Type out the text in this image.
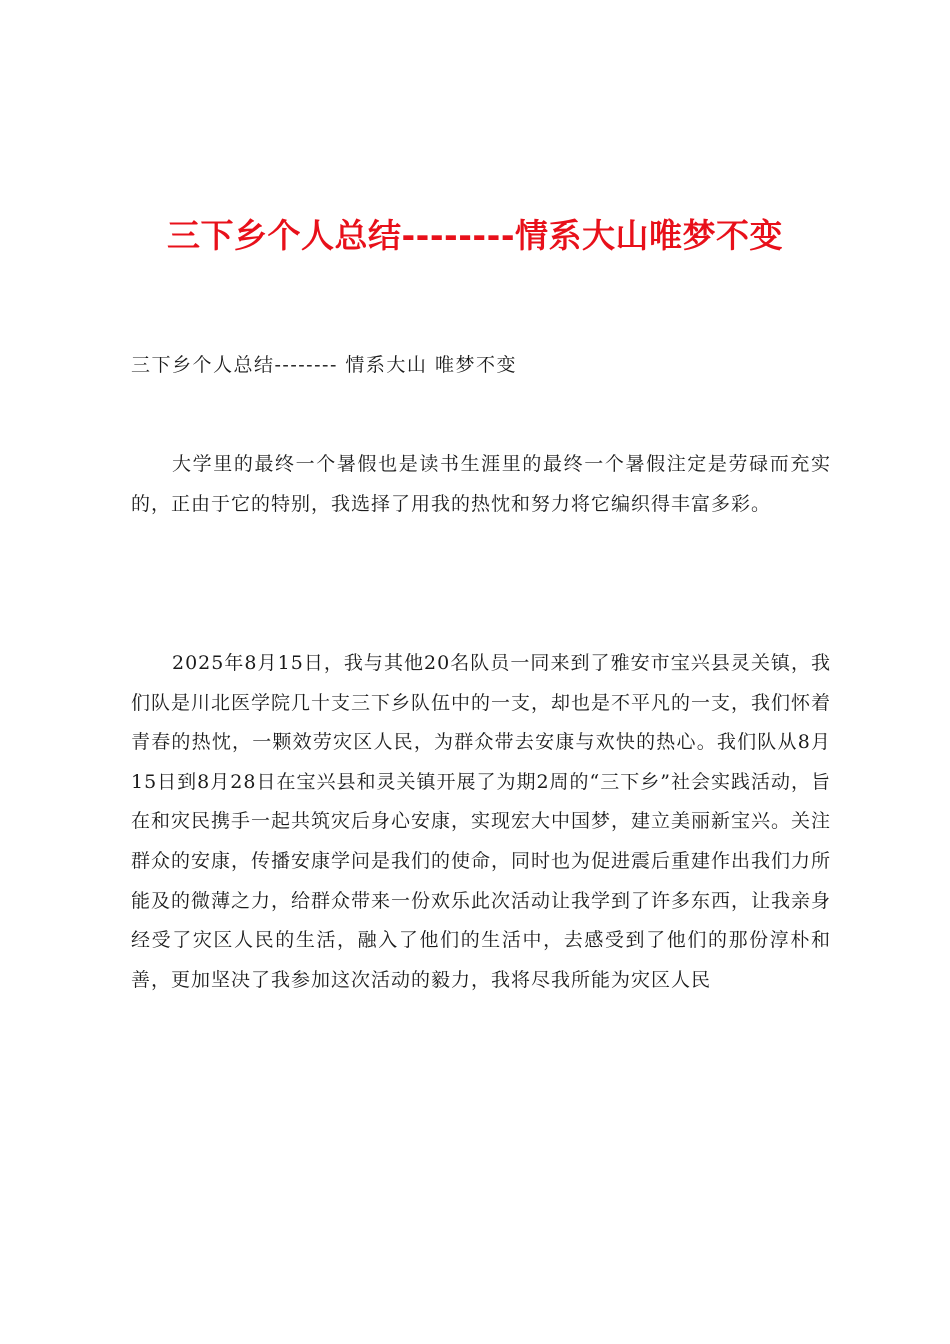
三下乡个人总结--------情系大山唯梦不变
三下乡个人总结-------- 情系大山 唯梦不变

大学里的最终一个暑假也是读书生涯里的最终一个暑假注定是劳碌而充实的，正由于它的特别，我选择了用我的热忱和努力将它编织得丰富多彩。

2025年8月15日，我与其他20名队员一同来到了雅安市宝兴县灵关镇，我们队是川北医学院几十支三下乡队伍中的一支，却也是不平凡的一支，我们怀着青春的热忱，一颗效劳灾区人民，为群众带去安康与欢快的热心。我们队从8月15日到8月28日在宝兴县和灵关镇开展了为期2周的“三下乡”社会实践活动，旨在和灾民携手一起共筑灾后身心安康，实现宏大中国梦，建立美丽新宝兴。关注群众的安康，传播安康学问是我们的使命，同时也为促进震后重建作出我们力所能及的微薄之力，给群众带来一份欢乐此次活动让我学到了许多东西，让我亲身经受了灾区人民的生活，融入了他们的生活中，去感受到了他们的那份淳朴和善，更加坚决了我参加这次活动的毅力，我将尽我所能为灾区人民
